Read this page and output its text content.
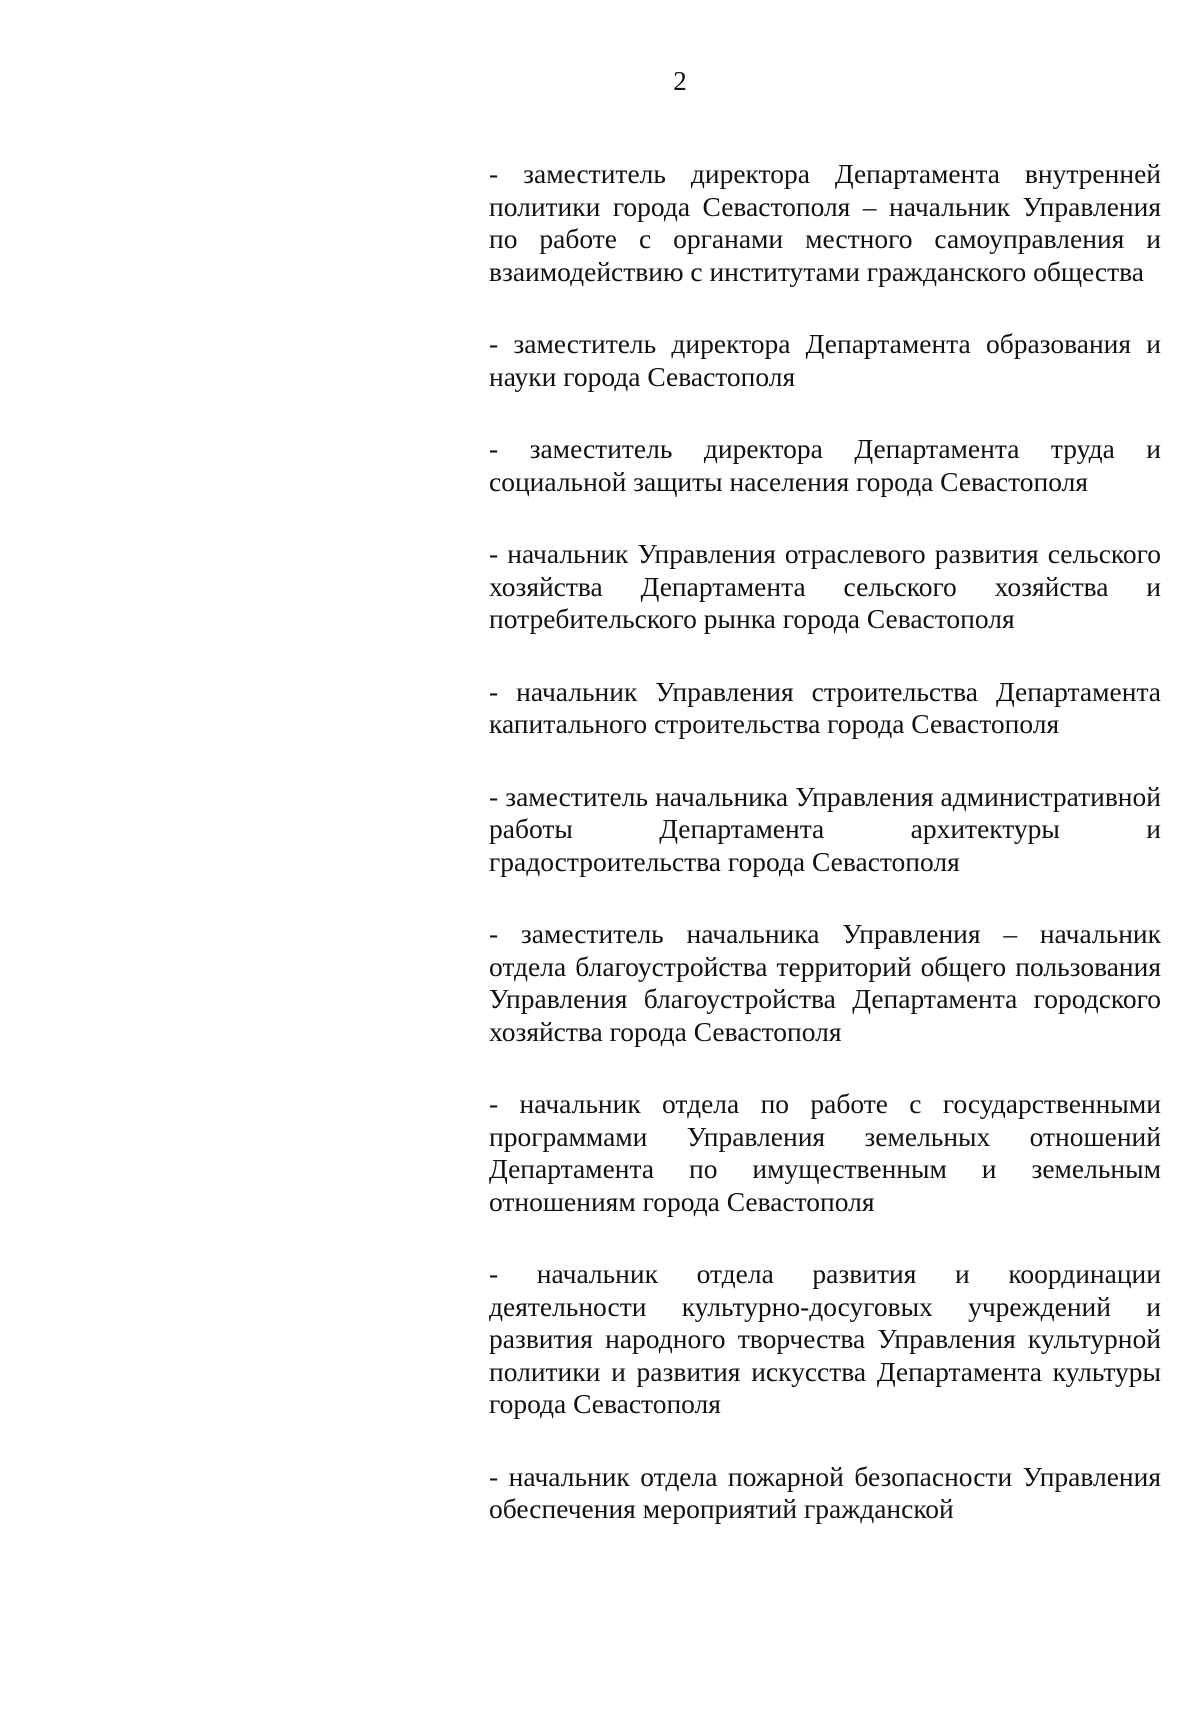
2

- заместитель директора Департамента внутренней политики города Севастополя – начальник Управления по работе с органами местного самоуправления и взаимодействию с институтами гражданского общества

- заместитель директора Департамента образования и науки города Севастополя

- заместитель директора Департамента труда и социальной защиты населения города Севастополя

- начальник Управления отраслевого развития сельского хозяйства Департамента сельского хозяйства и потребительского рынка города Севастополя

- начальник Управления строительства Департамента капитального строительства города Севастополя

- заместитель начальника Управления административной работы Департамента архитектуры и градостроительства города Севастополя

- заместитель начальника Управления – начальник отдела благоустройства территорий общего пользования Управления благоустройства Департамента городского хозяйства города Севастополя

- начальник отдела по работе с государственными программами Управления земельных отношений Департамента по имущественным и земельным отношениям города Севастополя

- начальник отдела развития и координации деятельности культурно-досуговых учреждений и развития народного творчества Управления культурной политики и развития искусства Департамента культуры города Севастополя

- начальник отдела пожарной безопасности Управления обеспечения мероприятий гражданской
